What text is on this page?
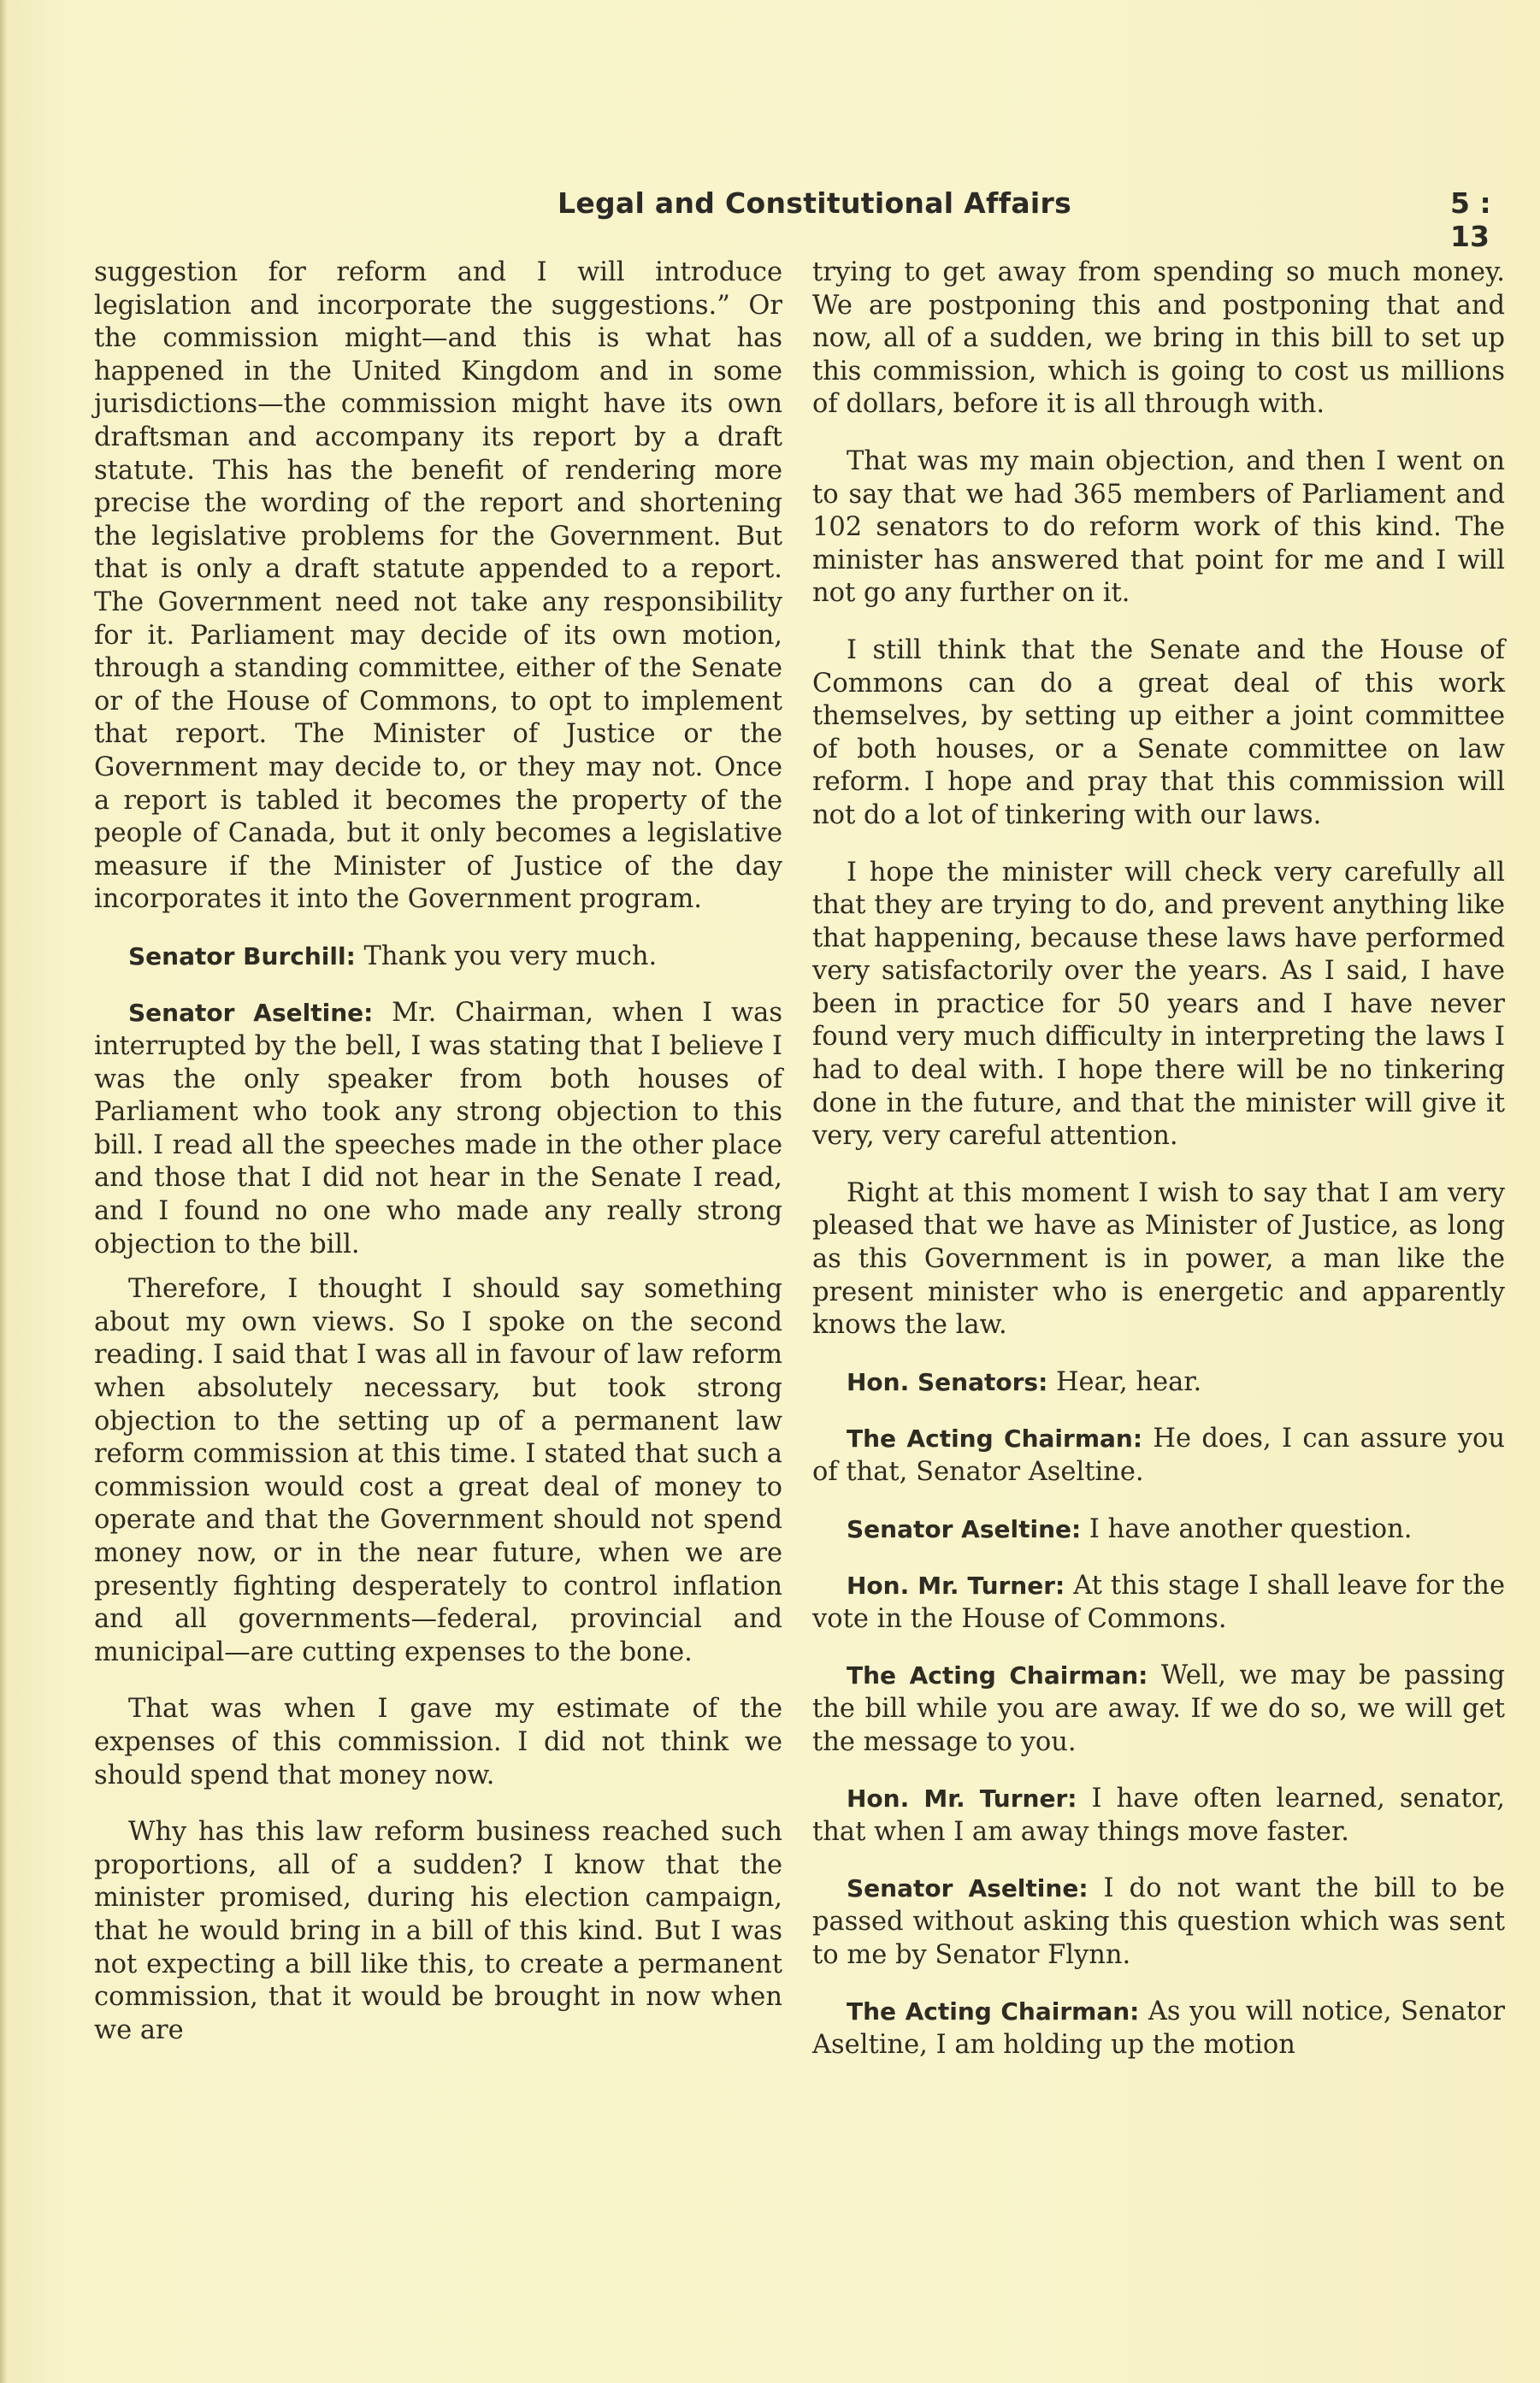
Legal and Constitutional Affairs	5 : 13

suggestion for reform and I will introduce legislation and incorporate the suggestions.” Or the commission might—and this is what has happened in the United Kingdom and in some jurisdictions—the commission might have its own draftsman and accompany its report by a draft statute. This has the benefit of rendering more precise the wording of the report and shortening the legislative problems for the Government. But that is only a draft statute appended to a report. The Government need not take any responsibility for it. Parliament may decide of its own motion, through a standing committee, either of the Senate or of the House of Commons, to opt to implement that report. The Minister of Justice or the Government may decide to, or they may not. Once a report is tabled it becomes the property of the people of Canada, but it only becomes a legislative measure if the Minister of Justice of the day incorporates it into the Government program.

Senator Burchill: Thank you very much.

Senator Aseltine: Mr. Chairman, when I was interrupted by the bell, I was stating that I believe I was the only speaker from both houses of Parliament who took any strong objection to this bill. I read all the speeches made in the other place and those that I did not hear in the Senate I read, and I found no one who made any really strong objection to the bill.

Therefore, I thought I should say something about my own views. So I spoke on the second reading. I said that I was all in favour of law reform when absolutely necessary, but took strong objection to the setting up of a permanent law reform commission at this time. I stated that such a commission would cost a great deal of money to operate and that the Government should not spend money now, or in the near future, when we are presently fighting desperately to control inflation and all governments—federal, provincial and municipal—are cutting expenses to the bone.

That was when I gave my estimate of the expenses of this commission. I did not think we should spend that money now.

Why has this law reform business reached such proportions, all of a sudden? I know that the minister promised, during his election campaign, that he would bring in a bill of this kind. But I was not expecting a bill like this, to create a permanent commission, that it would be brought in now when we are

trying to get away from spending so much money. We are postponing this and postponing that and now, all of a sudden, we bring in this bill to set up this commission, which is going to cost us millions of dollars, before it is all through with.

That was my main objection, and then I went on to say that we had 365 members of Parliament and 102 senators to do reform work of this kind. The minister has answered that point for me and I will not go any further on it.

I still think that the Senate and the House of Commons can do a great deal of this work themselves, by setting up either a joint committee of both houses, or a Senate committee on law reform. I hope and pray that this commission will not do a lot of tinkering with our laws.

I hope the minister will check very carefully all that they are trying to do, and prevent anything like that happening, because these laws have performed very satisfactorily over the years. As I said, I have been in practice for 50 years and I have never found very much difficulty in interpreting the laws I had to deal with. I hope there will be no tinkering done in the future, and that the minister will give it very, very careful attention.

Right at this moment I wish to say that I am very pleased that we have as Minister of Justice, as long as this Government is in power, a man like the present minister who is energetic and apparently knows the law.

Hon. Senators: Hear, hear.

The Acting Chairman: He does, I can assure you of that, Senator Aseltine.

Senator Aseltine: I have another question.

Hon. Mr. Turner: At this stage I shall leave for the vote in the House of Commons.

The Acting Chairman: Well, we may be passing the bill while you are away. If we do so, we will get the message to you.

Hon. Mr. Turner: I have often learned, senator, that when I am away things move faster.

Senator Aseltine: I do not want the bill to be passed without asking this question which was sent to me by Senator Flynn.

The Acting Chairman: As you will notice, Senator Aseltine, I am holding up the motion
